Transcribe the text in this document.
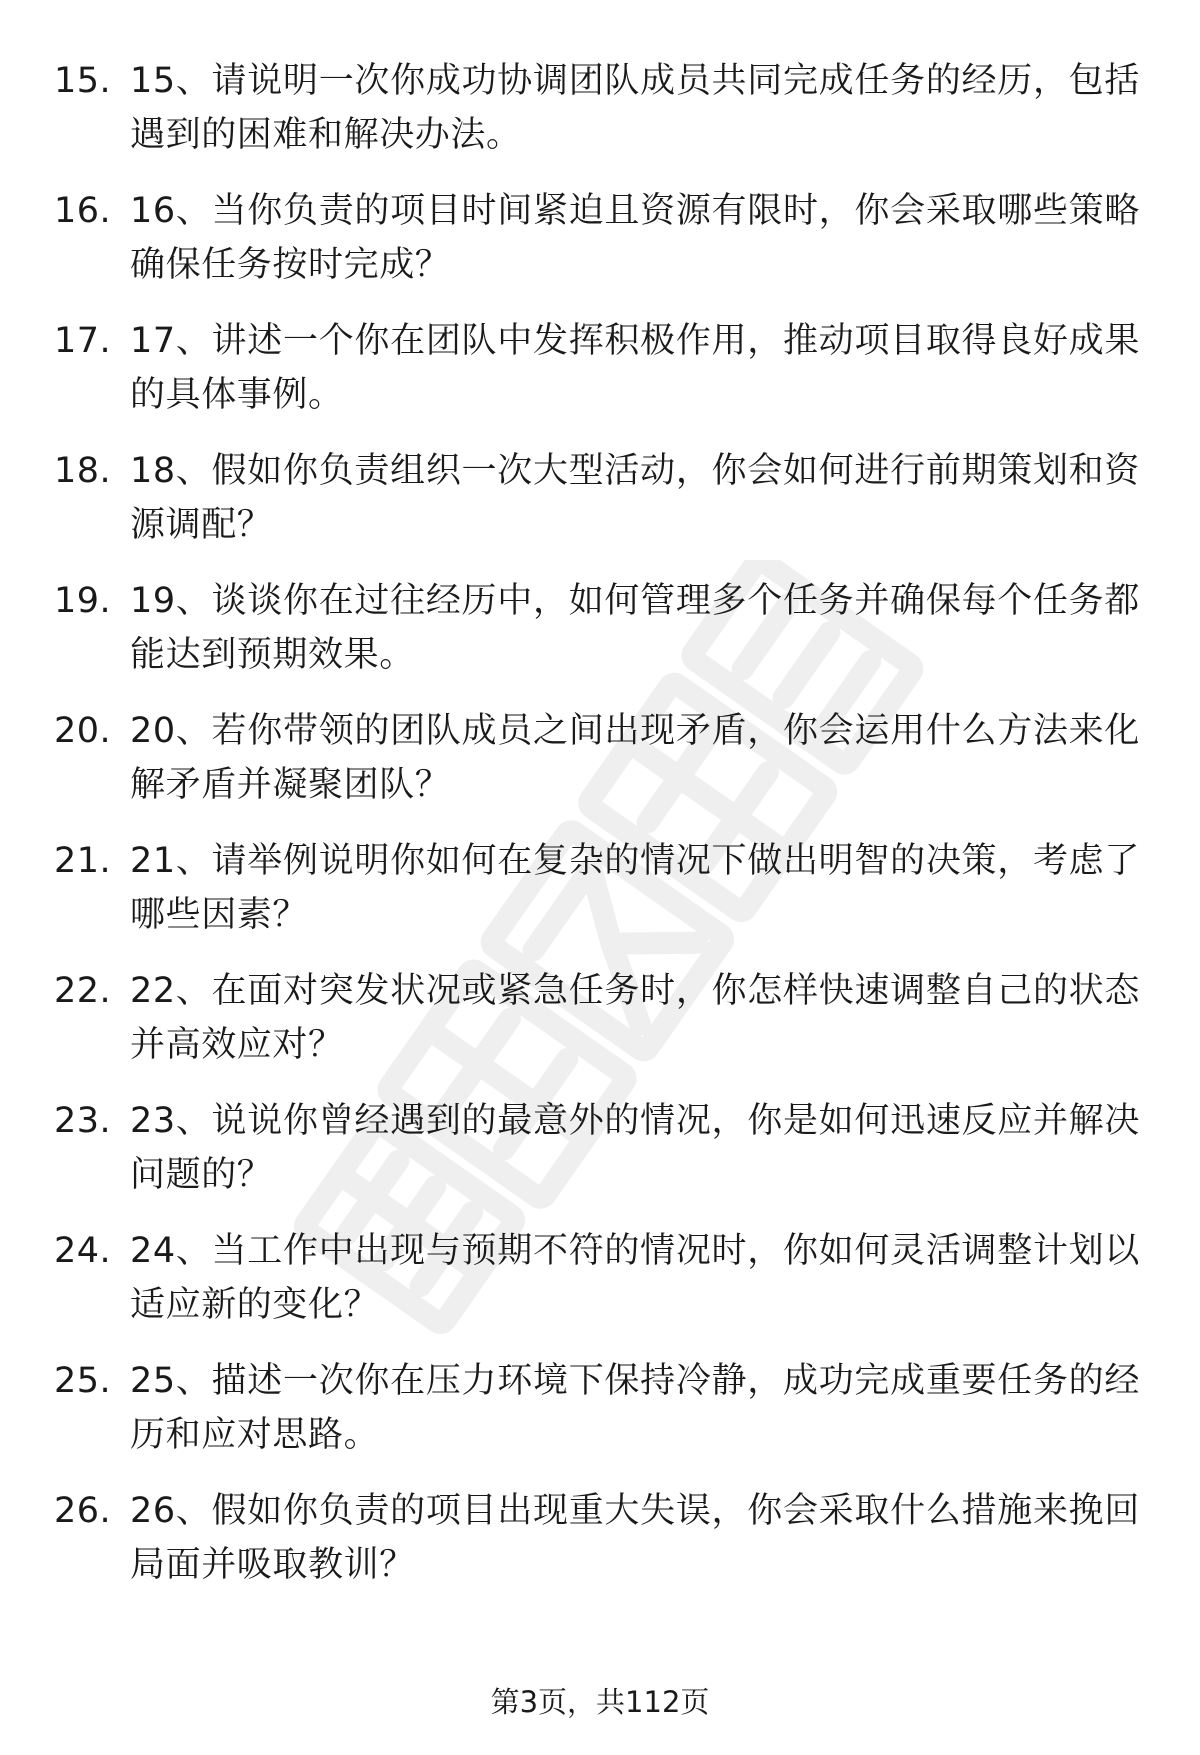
15. 15、请说明一次你成功协调团队成员共同完成任务的经历，包括遇到的困难和解决办法。
16. 16、当你负责的项目时间紧迫且资源有限时，你会采取哪些策略确保任务按时完成？
17. 17、讲述一个你在团队中发挥积极作用，推动项目取得良好成果的具体事例。
18. 18、假如你负责组织一次大型活动，你会如何进行前期策划和资源调配？
19. 19、谈谈你在过往经历中，如何管理多个任务并确保每个任务都能达到预期效果。
20. 20、若你带领的团队成员之间出现矛盾，你会运用什么方法来化解矛盾并凝聚团队？
21. 21、请举例说明你如何在复杂的情况下做出明智的决策，考虑了哪些因素？
22. 22、在面对突发状况或紧急任务时，你怎样快速调整自己的状态并高效应对？
23. 23、说说你曾经遇到的最意外的情况，你是如何迅速反应并解决问题的？
24. 24、当工作中出现与预期不符的情况时，你如何灵活调整计划以适应新的变化？
25. 25、描述一次你在压力环境下保持冷静，成功完成重要任务的经历和应对思路。
26. 26、假如你负责的项目出现重大失误，你会采取什么措施来挽回局面并吸取教训？
第3页，共112页
